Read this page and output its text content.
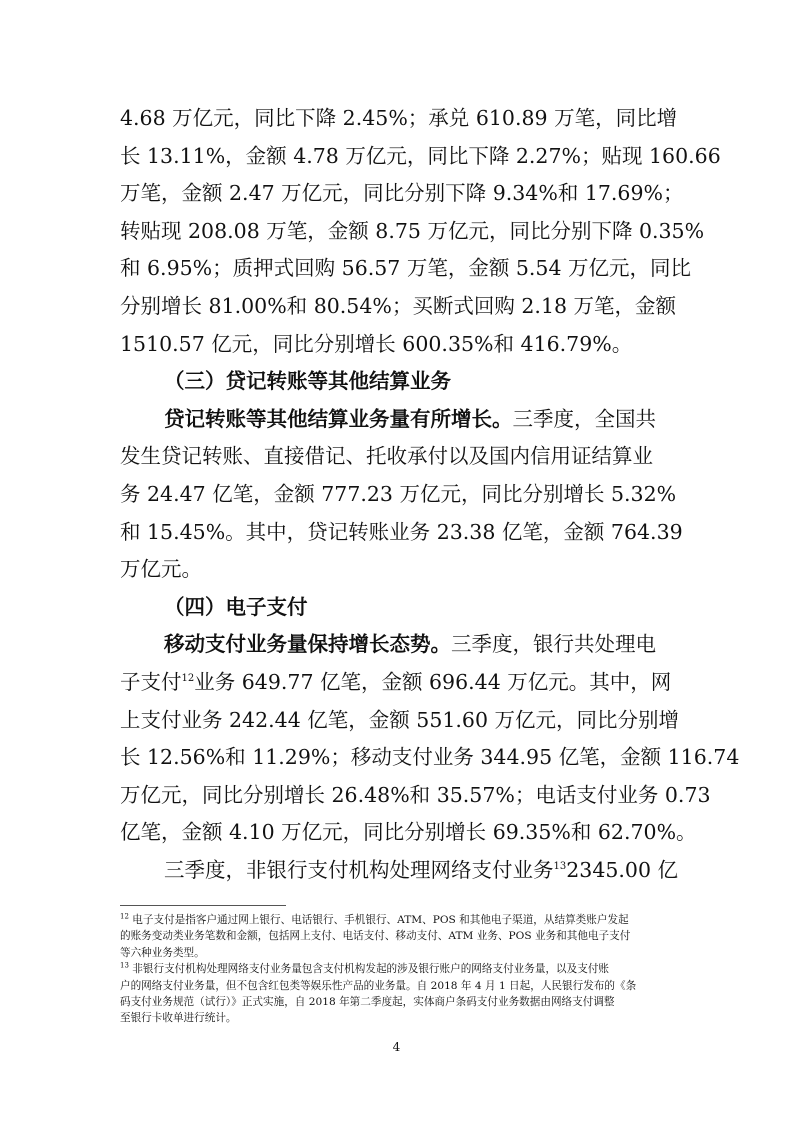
4.68 万亿元，同比下降 2.45%；承兑 610.89 万笔，同比增
长 13.11%，金额 4.78 万亿元，同比下降 2.27%；贴现 160.66
万笔，金额 2.47 万亿元，同比分别下降 9.34%和 17.69%；
转贴现 208.08 万笔，金额 8.75 万亿元，同比分别下降 0.35%
和 6.95%；质押式回购 56.57 万笔，金额 5.54 万亿元，同比
分别增长 81.00%和 80.54%；买断式回购 2.18 万笔，金额
1510.57 亿元，同比分别增长 600.35%和 416.79%。
（三）贷记转账等其他结算业务
贷记转账等其他结算业务量有所增长。三季度，全国共
发生贷记转账、直接借记、托收承付以及国内信用证结算业
务 24.47 亿笔，金额 777.23 万亿元，同比分别增长 5.32%
和 15.45%。其中，贷记转账业务 23.38 亿笔，金额 764.39
万亿元。
（四）电子支付
移动支付业务量保持增长态势。三季度，银行共处理电
子支付$^{12}$业务 649.77 亿笔，金额 696.44 万亿元。其中，网
上支付业务 242.44 亿笔，金额 551.60 万亿元，同比分别增
长 12.56%和 11.29%；移动支付业务 344.95 亿笔，金额 116.74
万亿元，同比分别增长 26.48%和 35.57%；电话支付业务 0.73
亿笔，金额 4.10 万亿元，同比分别增长 69.35%和 62.70%。
三季度，非银行支付机构处理网络支付业务$^{13}$2345.00 亿
$^{12}$ 电子支付是指客户通过网上银行、电话银行、手机银行、ATM、POS 和其他电子渠道，从结算类账户发起
的账务变动类业务笔数和金额，包括网上支付、电话支付、移动支付、ATM 业务、POS 业务和其他电子支付
等六种业务类型。
$^{13}$ 非银行支付机构处理网络支付业务量包含支付机构发起的涉及银行账户的网络支付业务量，以及支付账
户的网络支付业务量，但不包含红包类等娱乐性产品的业务量。自 2018 年 4 月 1 日起，人民银行发布的《条
码支付业务规范（试行）》正式实施，自 2018 年第二季度起，实体商户条码支付业务数据由网络支付调整
至银行卡收单进行统计。
4
